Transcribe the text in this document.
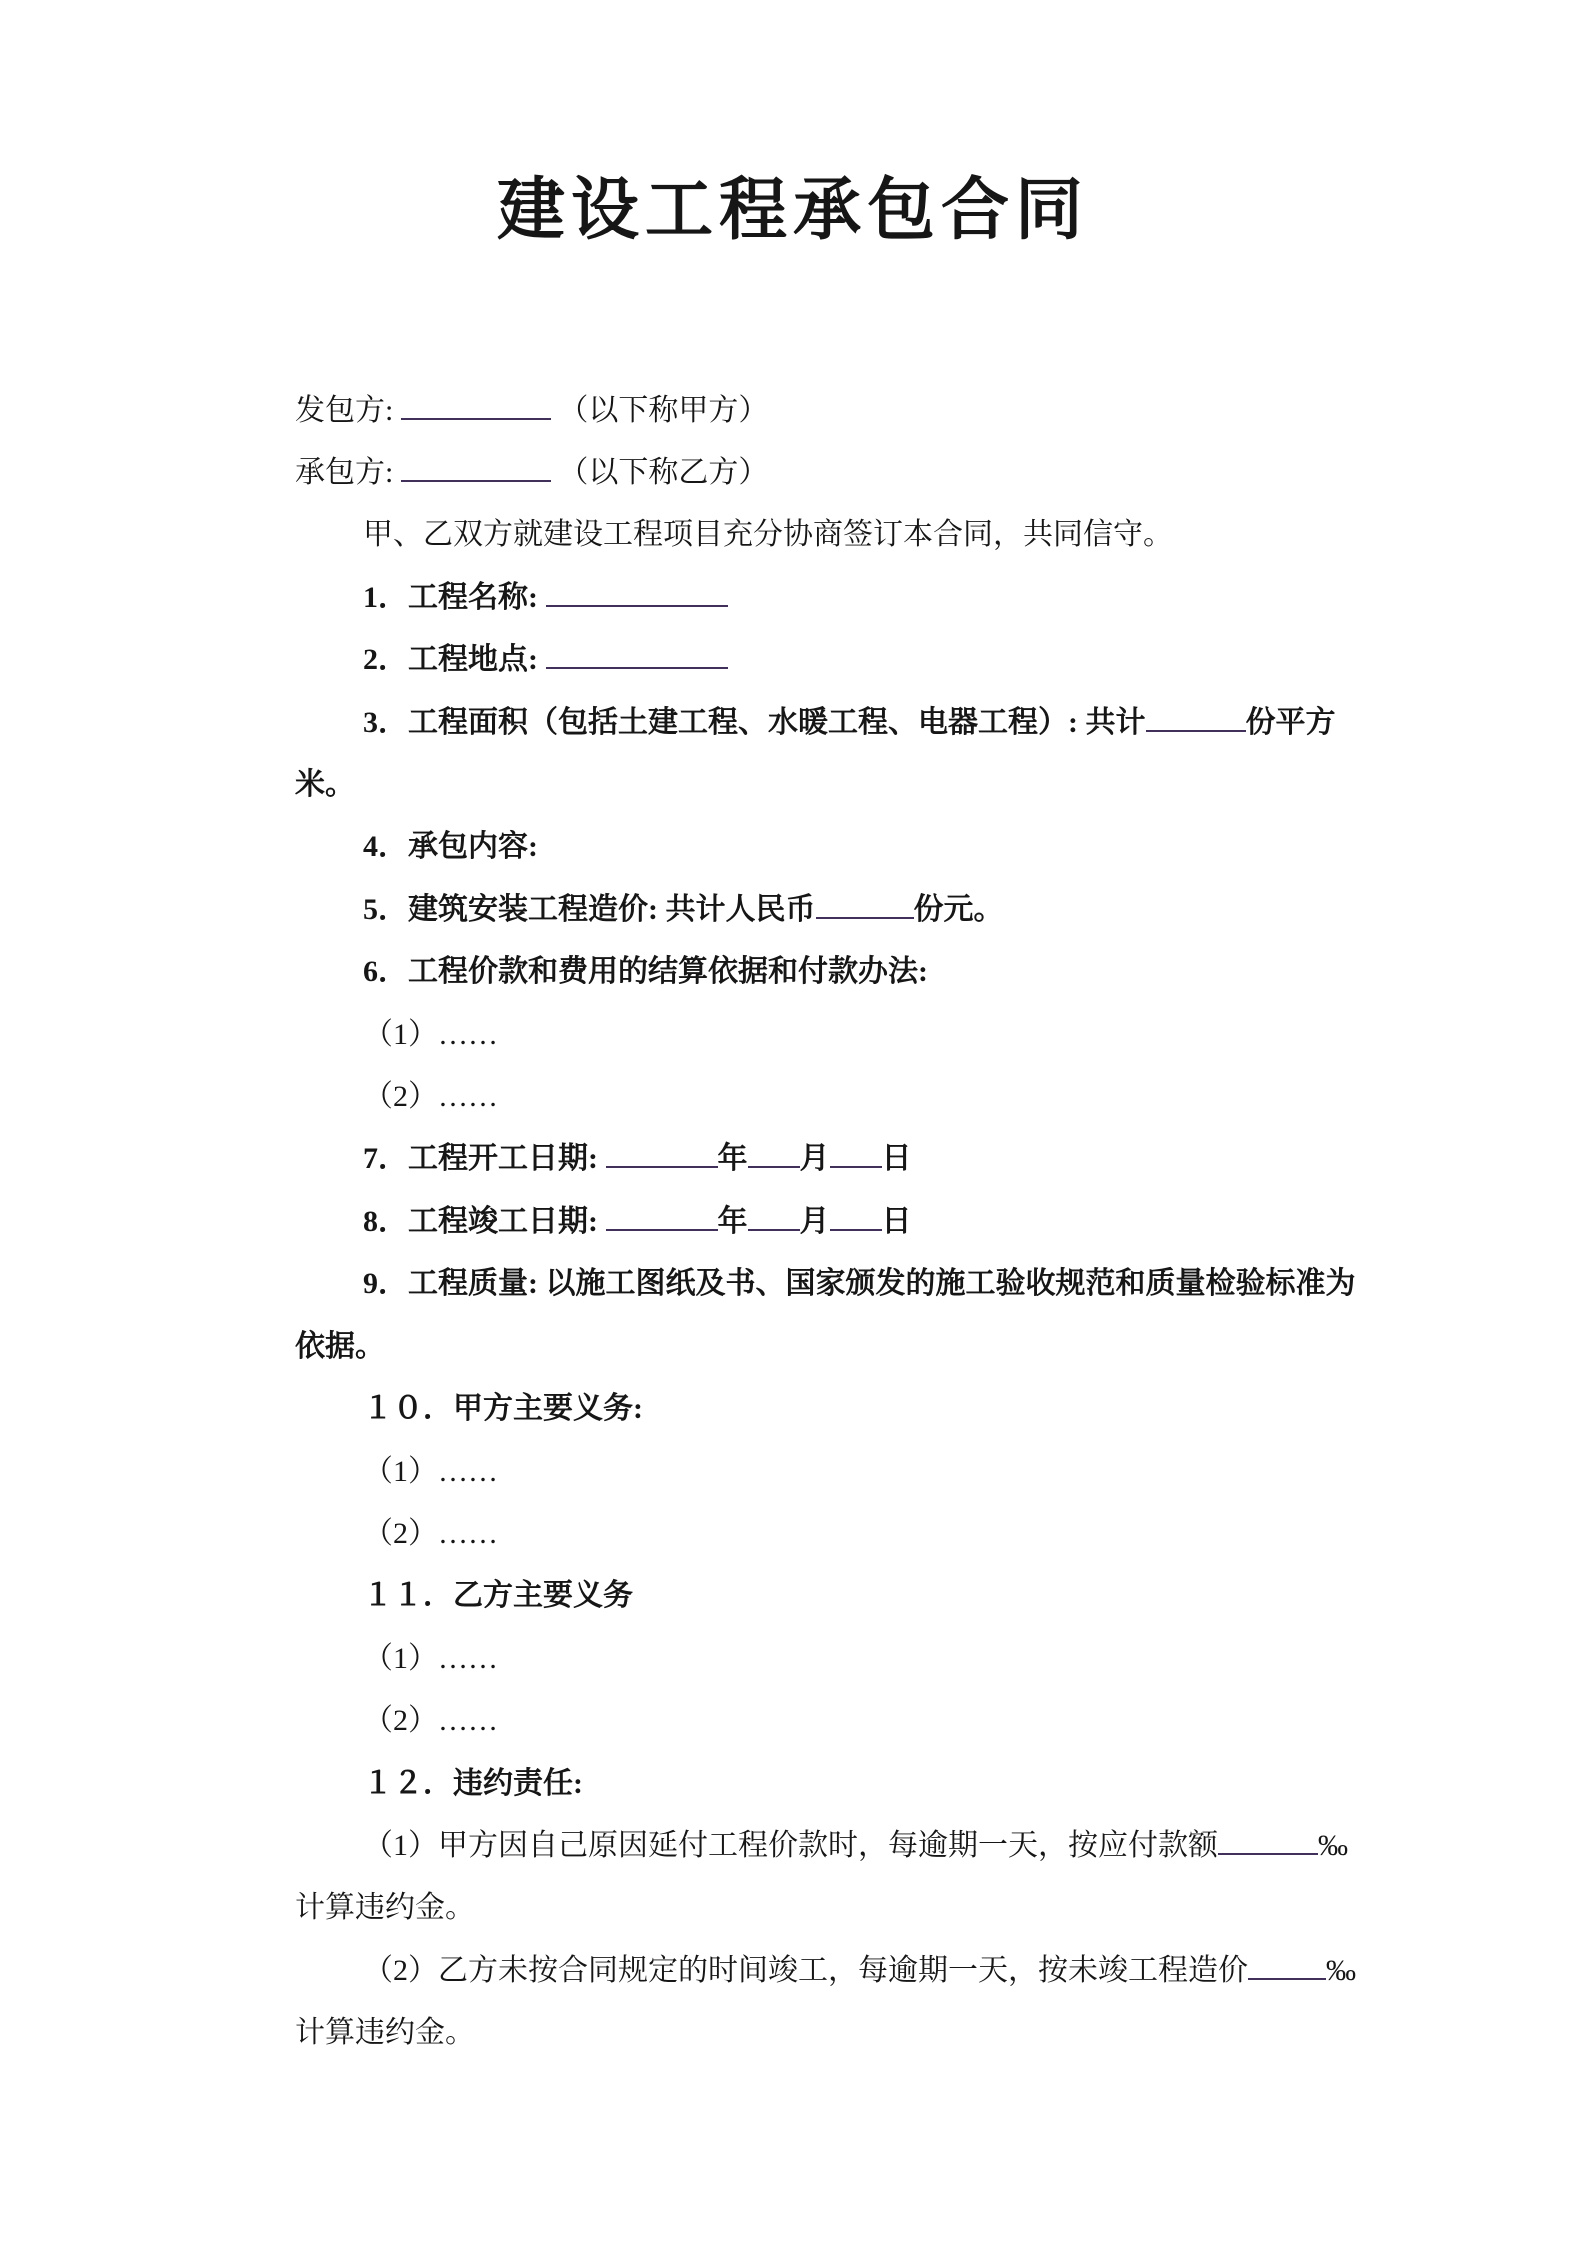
建设工程承包合同
发包方:	（以下称甲方）
承包方:	（以下称乙方）
甲、乙双方就建设工程项目充分协商签订本合同，共同信守。
1．工程名称:
2．工程地点:
3．工程面积（包括土建工程、水暖工程、电器工程）: 共计	份平方
米。
4．承包内容:
5．建筑安装工程造价: 共计人民币	份元。
6．工程价款和费用的结算依据和付款办法:
（1）……
（2）……
7．工程开工日期:	年 月 日
8．工程竣工日期:	年 月 日
9．工程质量: 以施工图纸及书、国家颁发的施工验收规范和质量检验标准为
依据。
１０．甲方主要义务:
（1）……
（2）……
１１．乙方主要义务
（1）……
（2）……
１２．违约责任:
（1）甲方因自己原因延付工程价款时，每逾期一天，按应付款额	‰
计算违约金。
（2）乙方未按合同规定的时间竣工，每逾期一天，按未竣工程造价	‰
计算违约金。
